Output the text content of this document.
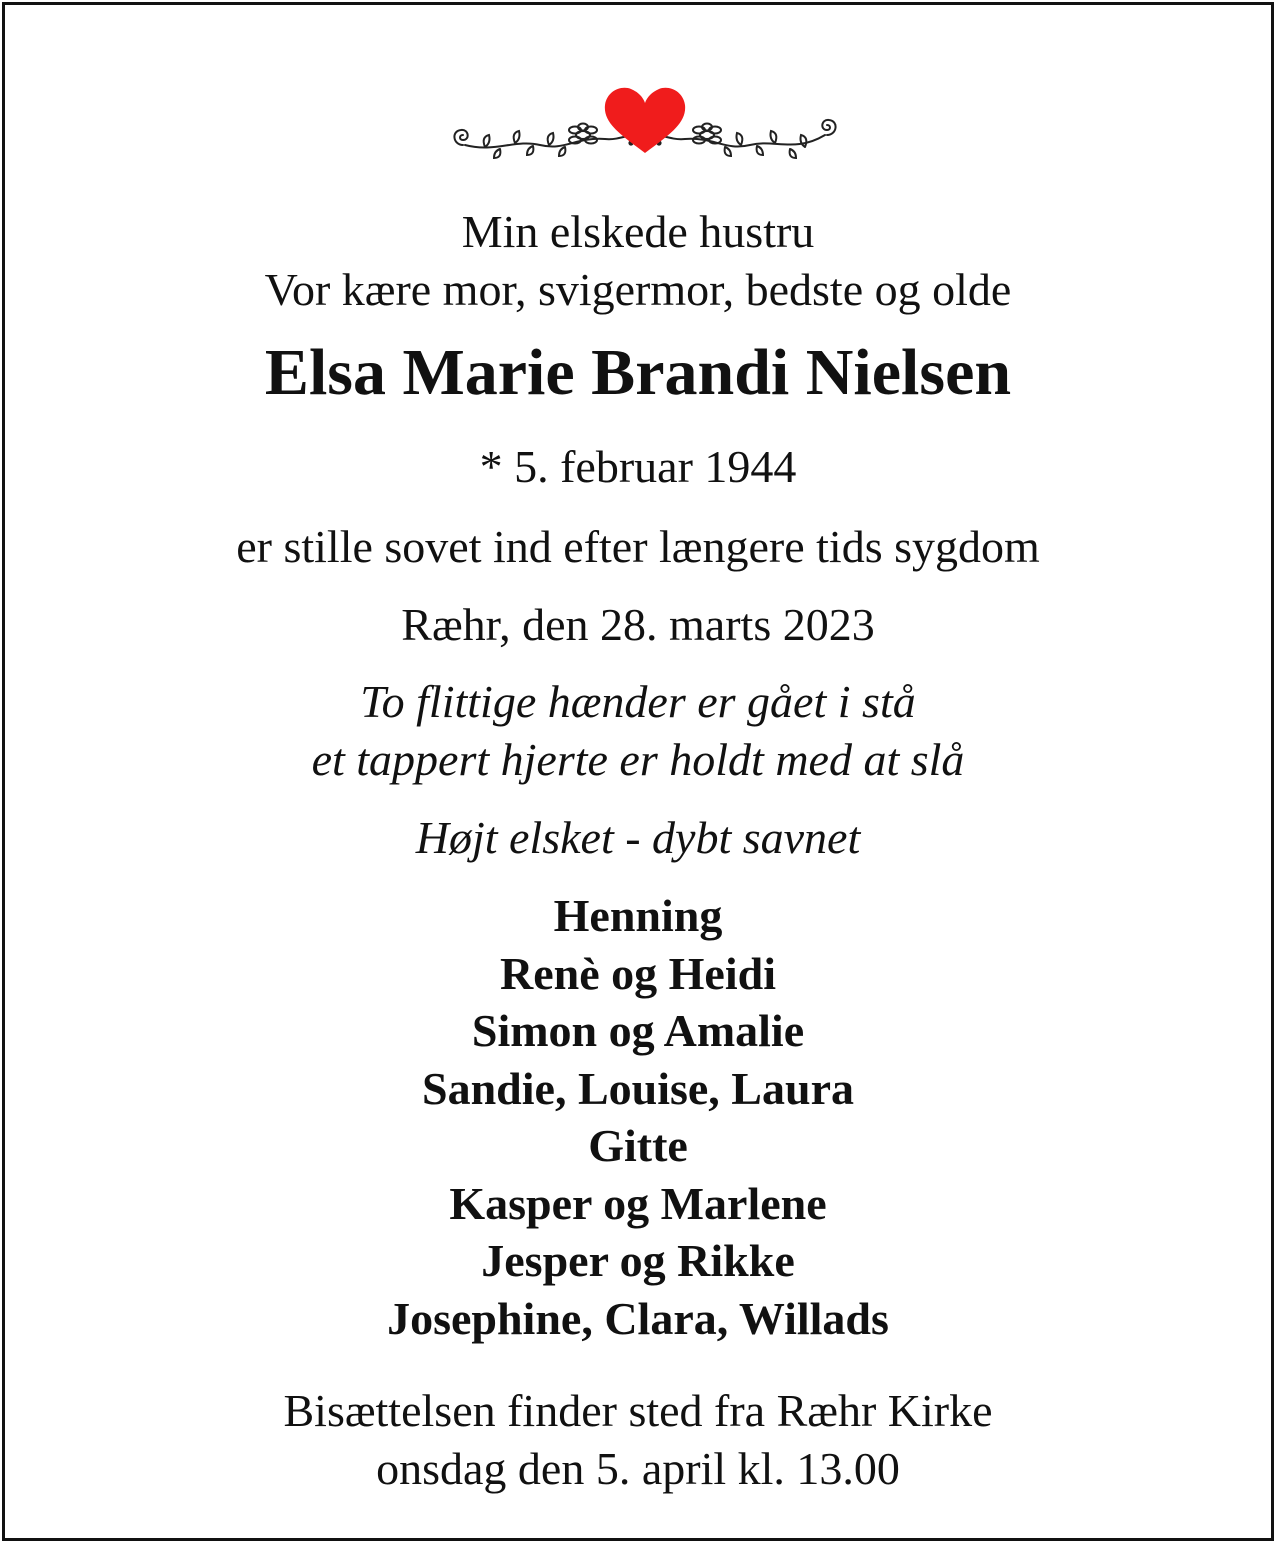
Min elskede hustru
Vor kære mor, svigermor, bedste og olde
Elsa Marie Brandi Nielsen
* 5. februar 1944
er stille sovet ind efter længere tids sygdom
Ræhr, den 28. marts 2023
To flittige hænder er gået i stå
et tappert hjerte er holdt med at slå
Højt elsket - dybt savnet
Henning
Renè og Heidi
Simon og Amalie
Sandie, Louise, Laura
Gitte
Kasper og Marlene
Jesper og Rikke
Josephine, Clara, Willads
Bisættelsen finder sted fra Ræhr Kirke
onsdag den 5. april kl. 13.00
